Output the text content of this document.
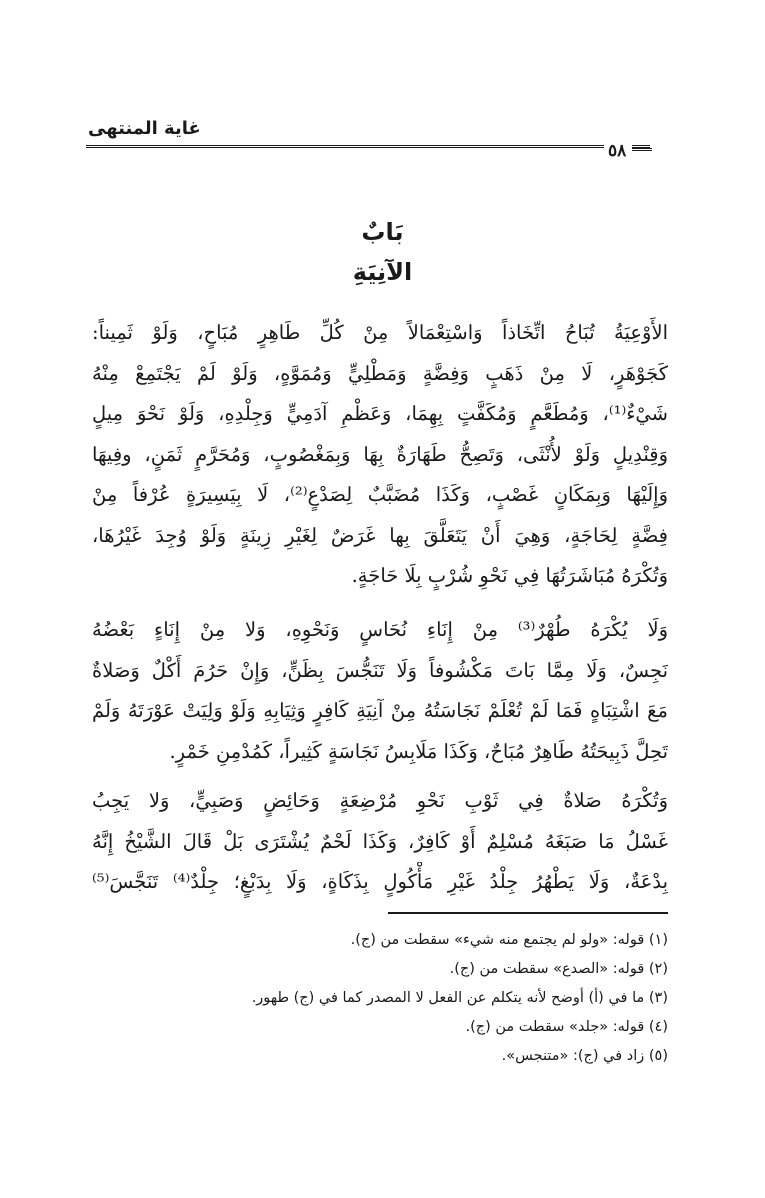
غاية المنتهى
٥٨
بَابٌ
الآنِيَةِ
الأَوْعِيَةُ تُبَاحُ اتِّخَاذاً وَاسْتِعْمَالاً مِنْ كُلِّ طَاهِرٍ مُبَاحٍ، وَلَوْ ثَمِيناً:
كَجَوْهَرٍ، لَا مِنْ ذَهَبٍ وَفِضَّةٍ وَمَطْلِيٍّ وَمُمَوَّهٍ، وَلَوْ لَمْ يَجْتَمِعْ مِنْهُ
شَيْءٌ⁽¹⁾، وَمُطَعَّمٍ وَمُكَفَّتٍ بِهِمَا، وَعَظْمِ آدَمِيٍّ وَجِلْدِهِ، وَلَوْ نَحْوَ مِيلٍ
وَقِنْدِيلٍ وَلَوْ لأُنْثَى، وَتَصِحُّ طَهَارَةٌ بِهَا وَبِمَغْصُوبٍ، وَمُحَرَّمٍ ثَمَنٍ، وفِيهَا
وَإِلَيْهَا وَبِمَكَانٍ غَصْبٍ، وَكَذَا مُضَبَّبٌ لِصَدْعٍ⁽²⁾، لَا بِيَسِيرَةٍ عُرْفاً مِنْ
فِضَّةٍ لِحَاجَةٍ، وَهِيَ أَنْ يَتَعَلَّقَ بِها غَرَضٌ لِغَيْرِ زِينَةٍ وَلَوْ وُجِدَ غَيْرُهَا،
وَتُكْرَهُ مُبَاشَرَتُهَا فِي نَحْوِ شُرْبٍ بِلَا حَاجَةٍ.
وَلَا يُكْرَهُ طُهْرٌ⁽³⁾ مِنْ إِنَاءِ نُحَاسٍ وَنَحْوِهِ، وَلا مِنْ إِنَاءٍ بَعْضُهُ
نَجِسٌ، وَلَا مِمَّا بَاتَ مَكْشُوفاً وَلَا تَنَجُّسَ بِظَنٍّ، وَإِنْ حَرُمَ أَكْلٌ وَصَلاةٌ
مَعَ اشْتِبَاهٍ فَمَا لَمْ تُعْلَمْ نَجَاسَتُهُ مِنْ آنِيَةِ كَافِرٍ وَثِيَابِهِ وَلَوْ وَلِيَتْ عَوْرَتَهُ وَلَمْ
تَحِلَّ ذَبِيحَتُهُ طَاهِرٌ مُبَاحٌ، وَكَذَا مَلَابِسُ نَجَاسَةٍ كَثِيراً، كَمُدْمِنِ خَمْرٍ.
وَتُكْرَهُ صَلاةٌ فِي ثَوْبِ نَحْوِ مُرْضِعَةٍ وَحَائِضٍ وَصَبِيٍّ، وَلا يَجِبُ
غَسْلُ مَا صَبَغَهُ مُسْلِمٌ أَوْ كَافِرٌ، وَكَذَا لَحْمٌ يُشْتَرَى بَلْ قَالَ الشَّيْخُ إِنَّهُ
بِدْعَةٌ، وَلَا يَطْهُرُ جِلْدُ غَيْرِ مَأْكُولٍ بِذَكَاةٍ، وَلَا بِدَبْغٍ؛ جِلْدٌ⁽⁴⁾ تَنَجَّسَ⁽⁵⁾
(١) قوله: «ولو لم يجتمع منه شيء» سقطت من (ج).
(٢) قوله: «الصدع» سقطت من (ج).
(٣) ما في (أ) أوضح لأنه يتكلم عن الفعل لا المصدر كما في (ج) طهور.
(٤) قوله: «جلد» سقطت من (ج).
(٥) زاد في (ج): «متنجس».
